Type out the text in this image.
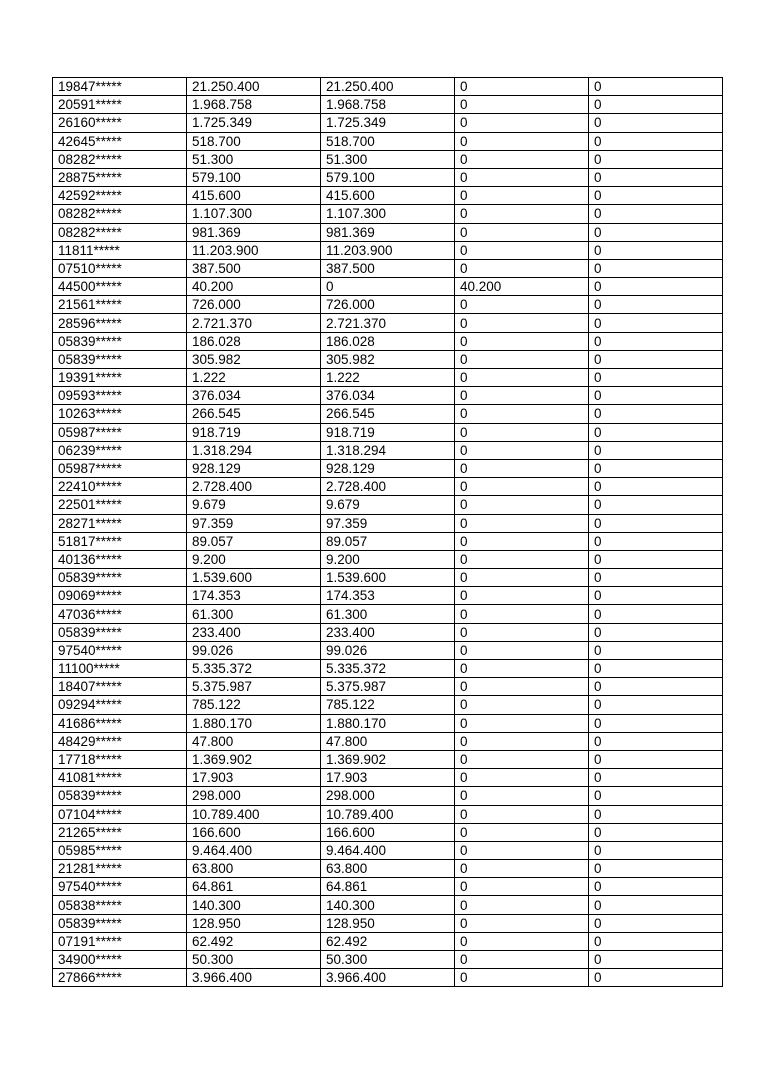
19847*****	21.250.400	21.250.400	0	0
20591*****	1.968.758	1.968.758	0	0
26160*****	1.725.349	1.725.349	0	0
42645*****	518.700	518.700	0	0
08282*****	51.300	51.300	0	0
28875*****	579.100	579.100	0	0
42592*****	415.600	415.600	0	0
08282*****	1.107.300	1.107.300	0	0
08282*****	981.369	981.369	0	0
11811*****	11.203.900	11.203.900	0	0
07510*****	387.500	387.500	0	0
44500*****	40.200	0	40.200	0
21561*****	726.000	726.000	0	0
28596*****	2.721.370	2.721.370	0	0
05839*****	186.028	186.028	0	0
05839*****	305.982	305.982	0	0
19391*****	1.222	1.222	0	0
09593*****	376.034	376.034	0	0
10263*****	266.545	266.545	0	0
05987*****	918.719	918.719	0	0
06239*****	1.318.294	1.318.294	0	0
05987*****	928.129	928.129	0	0
22410*****	2.728.400	2.728.400	0	0
22501*****	9.679	9.679	0	0
28271*****	97.359	97.359	0	0
51817*****	89.057	89.057	0	0
40136*****	9.200	9.200	0	0
05839*****	1.539.600	1.539.600	0	0
09069*****	174.353	174.353	0	0
47036*****	61.300	61.300	0	0
05839*****	233.400	233.400	0	0
97540*****	99.026	99.026	0	0
11100*****	5.335.372	5.335.372	0	0
18407*****	5.375.987	5.375.987	0	0
09294*****	785.122	785.122	0	0
41686*****	1.880.170	1.880.170	0	0
48429*****	47.800	47.800	0	0
17718*****	1.369.902	1.369.902	0	0
41081*****	17.903	17.903	0	0
05839*****	298.000	298.000	0	0
07104*****	10.789.400	10.789.400	0	0
21265*****	166.600	166.600	0	0
05985*****	9.464.400	9.464.400	0	0
21281*****	63.800	63.800	0	0
97540*****	64.861	64.861	0	0
05838*****	140.300	140.300	0	0
05839*****	128.950	128.950	0	0
07191*****	62.492	62.492	0	0
34900*****	50.300	50.300	0	0
27866*****	3.966.400	3.966.400	0	0
